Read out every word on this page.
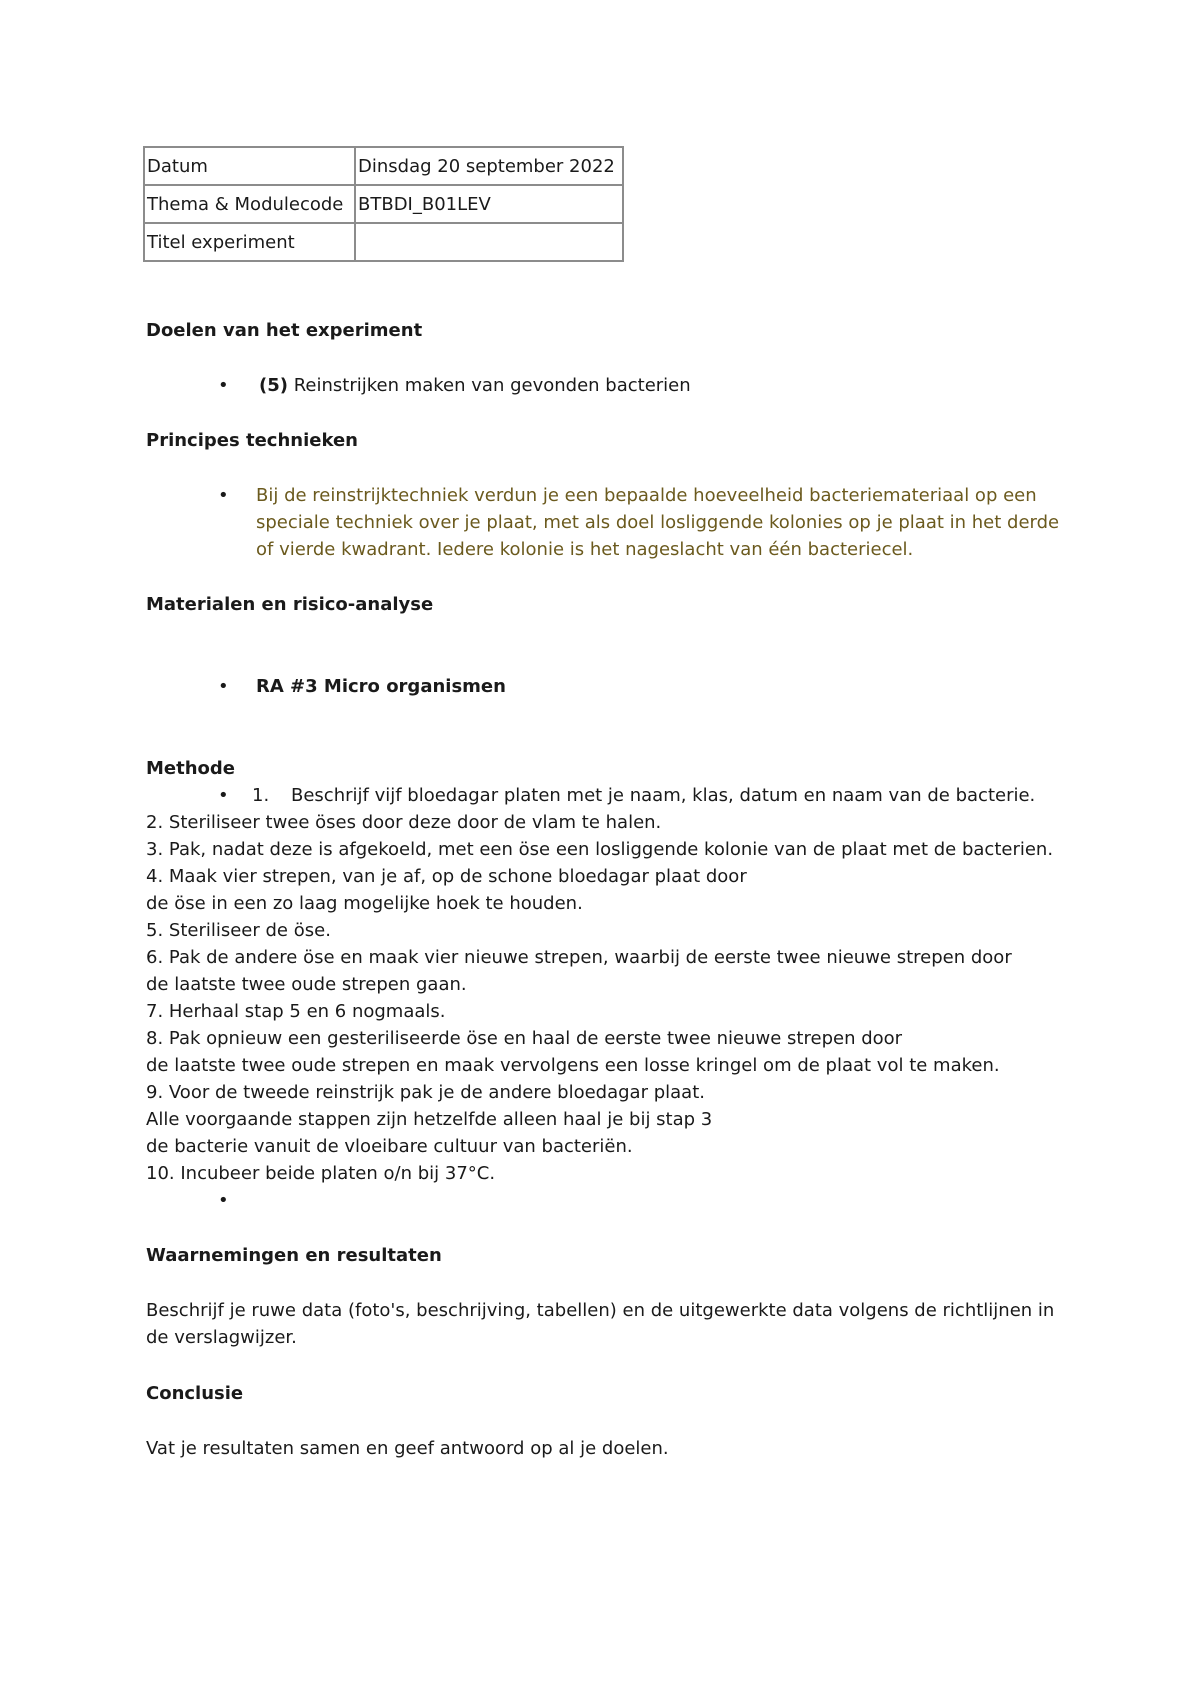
Datum	Dinsdag 20 september 2022
Thema & Modulecode	BTBDI_B01LEV
Titel experiment	
Doelen van het experiment
• (5) Reinstrijken maken van gevonden bacterien
Principes technieken
• Bij de reinstrijktechniek verdun je een bepaalde hoeveelheid bacteriemateriaal op een

speciale techniek over je plaat, met als doel losliggende kolonies op je plaat in het derde

of vierde kwadrant. Iedere kolonie is het nageslacht van één bacteriecel.

Materialen en risico-analyse
• RA #3 Micro organismen
Methode
• 1. Beschrijf vijf bloedagar platen met je naam, klas, datum en naam van de bacterie.

2. Steriliseer twee öses door deze door de vlam te halen.

3. Pak, nadat deze is afgekoeld, met een öse een losliggende kolonie van de plaat met de bacterien.

4. Maak vier strepen, van je af, op de schone bloedagar plaat door

de öse in een zo laag mogelijke hoek te houden.

5. Steriliseer de öse.

6. Pak de andere öse en maak vier nieuwe strepen, waarbij de eerste twee nieuwe strepen door

de laatste twee oude strepen gaan.

7. Herhaal stap 5 en 6 nogmaals.

8. Pak opnieuw een gesteriliseerde öse en haal de eerste twee nieuwe strepen door

de laatste twee oude strepen en maak vervolgens een losse kringel om de plaat vol te maken.

9. Voor de tweede reinstrijk pak je de andere bloedagar plaat.

Alle voorgaande stappen zijn hetzelfde alleen haal je bij stap 3

de bacterie vanuit de vloeibare cultuur van bacteriën.

10. Incubeer beide platen o/n bij 37°C.

•
Waarnemingen en resultaten

Beschrijf je ruwe data (foto's, beschrijving, tabellen) en de uitgewerkte data volgens de richtlijnen in

de verslagwijzer.

Conclusie
Vat je resultaten samen en geef antwoord op al je doelen.
